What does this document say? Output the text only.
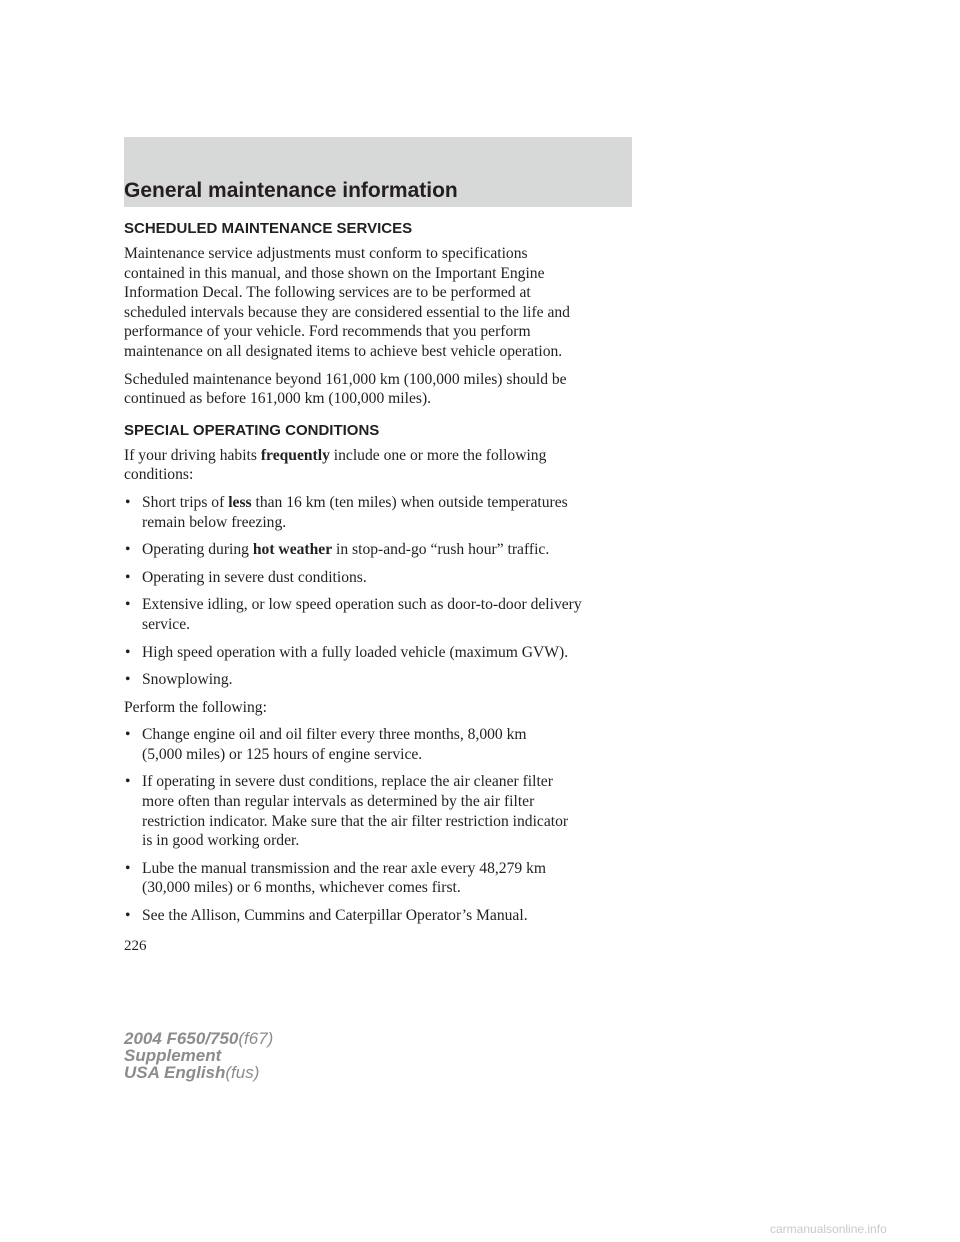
General maintenance information
SCHEDULED MAINTENANCE SERVICES
Maintenance service adjustments must conform to specifications
contained in this manual, and those shown on the Important Engine
Information Decal. The following services are to be performed at
scheduled intervals because they are considered essential to the life and
performance of your vehicle. Ford recommends that you perform
maintenance on all designated items to achieve best vehicle operation.
Scheduled maintenance beyond 161,000 km (100,000 miles) should be
continued as before 161,000 km (100,000 miles).
SPECIAL OPERATING CONDITIONS
If your driving habits frequently include one or more the following
conditions:
• Short trips of less than 16 km (ten miles) when outside temperatures
remain below freezing.
• Operating during hot weather in stop-and-go “rush hour” traffic.
• Operating in severe dust conditions.
• Extensive idling, or low speed operation such as door-to-door delivery
service.
• High speed operation with a fully loaded vehicle (maximum GVW).
• Snowplowing.
Perform the following:
• Change engine oil and oil filter every three months, 8,000 km
(5,000 miles) or 125 hours of engine service.
• If operating in severe dust conditions, replace the air cleaner filter
more often than regular intervals as determined by the air filter
restriction indicator. Make sure that the air filter restriction indicator
is in good working order.
• Lube the manual transmission and the rear axle every 48,279 km
(30,000 miles) or 6 months, whichever comes first.
• See the Allison, Cummins and Caterpillar Operator’s Manual.
226
2004 F650/750(f67)
Supplement
USA English(fus)
carmanualsonline.info
